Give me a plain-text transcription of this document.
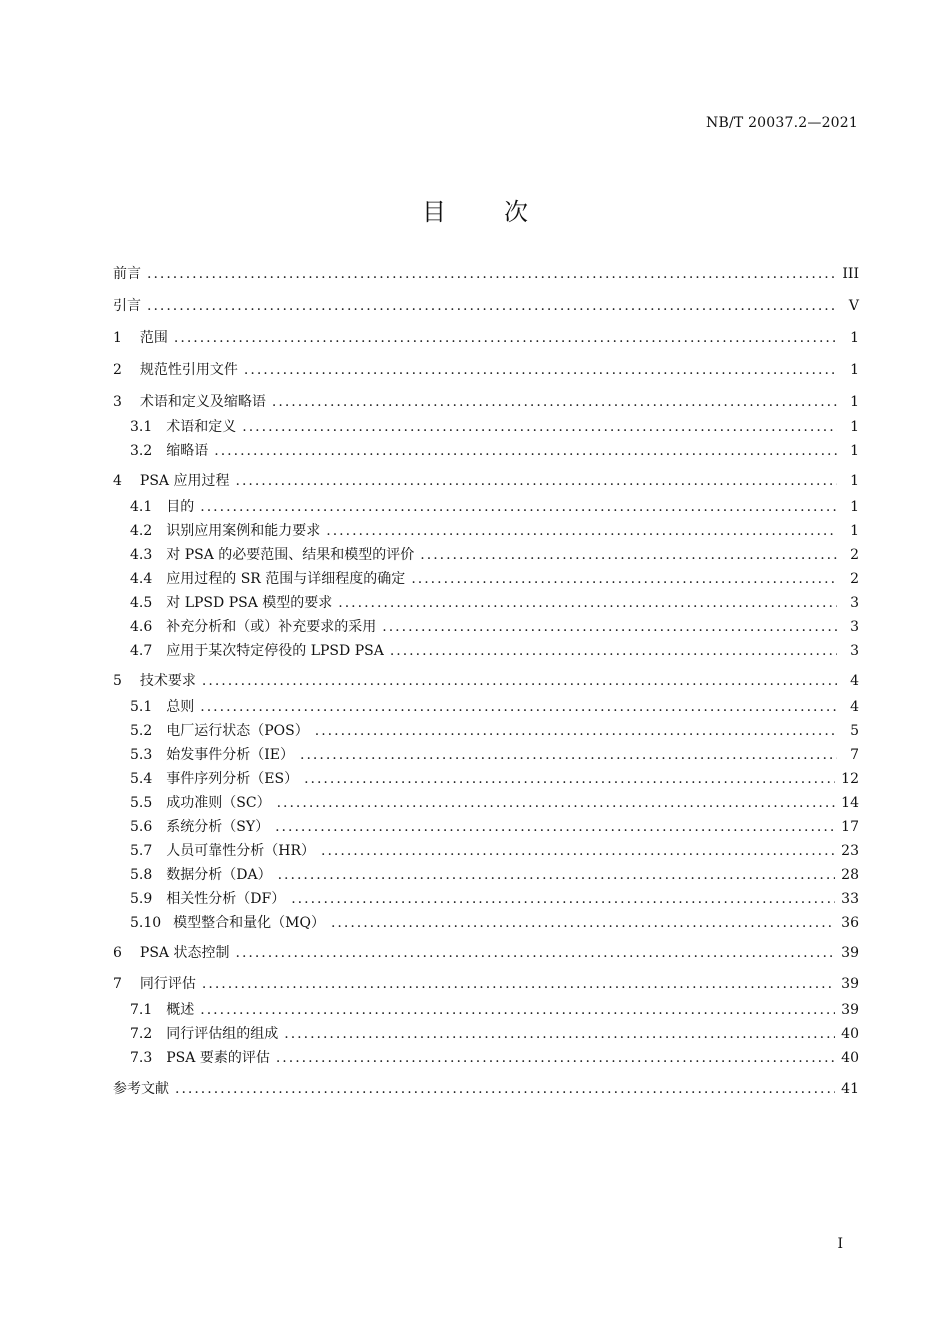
NB/T 20037.2—2021
目次
前言 .....	III
引言 .....	V
1 范围 .....	1
2 规范性引用文件 .....	1
3 术语和定义及缩略语 .....	1
3.1 术语和定义 .....	1
3.2 缩略语 .....	1
4 PSA 应用过程 .....	1
4.1 目的 .....	1
4.2 识别应用案例和能力要求 .....	1
4.3 对 PSA 的必要范围、结果和模型的评价 .....	2
4.4 应用过程的 SR 范围与详细程度的确定 .....	2
4.5 对 LPSD PSA 模型的要求 .....	3
4.6 补充分析和（或）补充要求的采用 .....	3
4.7 应用于某次特定停役的 LPSD PSA .....	3
5 技术要求 .....	4
5.1 总则 .....	4
5.2 电厂运行状态（POS） .....	5
5.3 始发事件分析（IE） .....	7
5.4 事件序列分析（ES） .....	12
5.5 成功准则（SC） .....	14
5.6 系统分析（SY） .....	17
5.7 人员可靠性分析（HR） .....	23
5.8 数据分析（DA） .....	28
5.9 相关性分析（DF） .....	33
5.10 模型整合和量化（MQ） .....	36
6 PSA 状态控制 .....	39
7 同行评估 .....	39
7.1 概述 .....	39
7.2 同行评估组的组成 .....	40
7.3 PSA 要素的评估 .....	40
参考文献 .....	41
I
